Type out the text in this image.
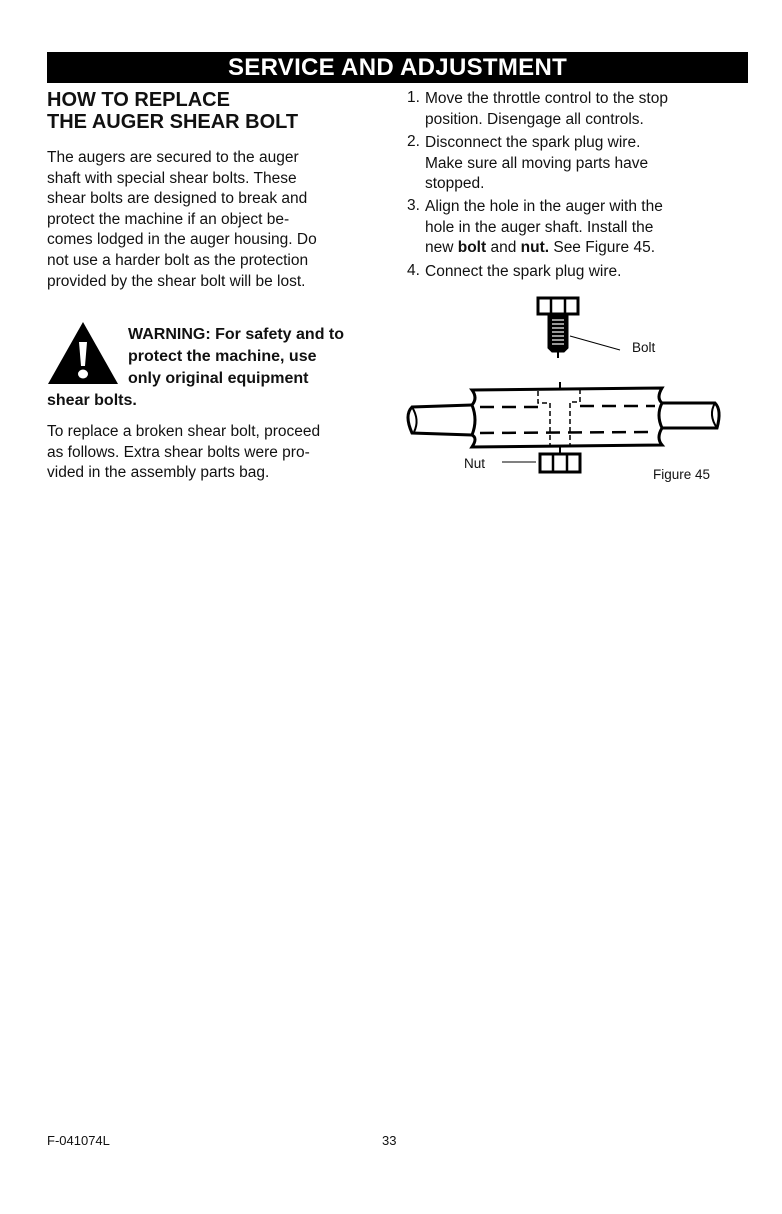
SERVICE AND ADJUSTMENT
HOW TO REPLACE
THE AUGER SHEAR BOLT
The augers are secured to the auger
shaft with special shear bolts. These
shear bolts are designed to break and
protect the machine if an object be-
comes lodged in the auger housing. Do
not use a harder bolt as the protection
provided by the shear bolt will be lost.
WARNING: For safety and to
protect the machine, use
only original equipment
shear bolts.
To replace a broken shear bolt, proceed
as follows. Extra shear bolts were pro-
vided in the assembly parts bag.
1. Move the throttle control to the stop
position. Disengage all controls.
2. Disconnect the spark plug wire.
Make sure all moving parts have
stopped.
3. Align the hole in the auger with the
hole in the auger shaft. Install the
new bolt and nut. See Figure 45.
4. Connect the spark plug wire.
Bolt
Nut
Figure 45
F-041074L	33
